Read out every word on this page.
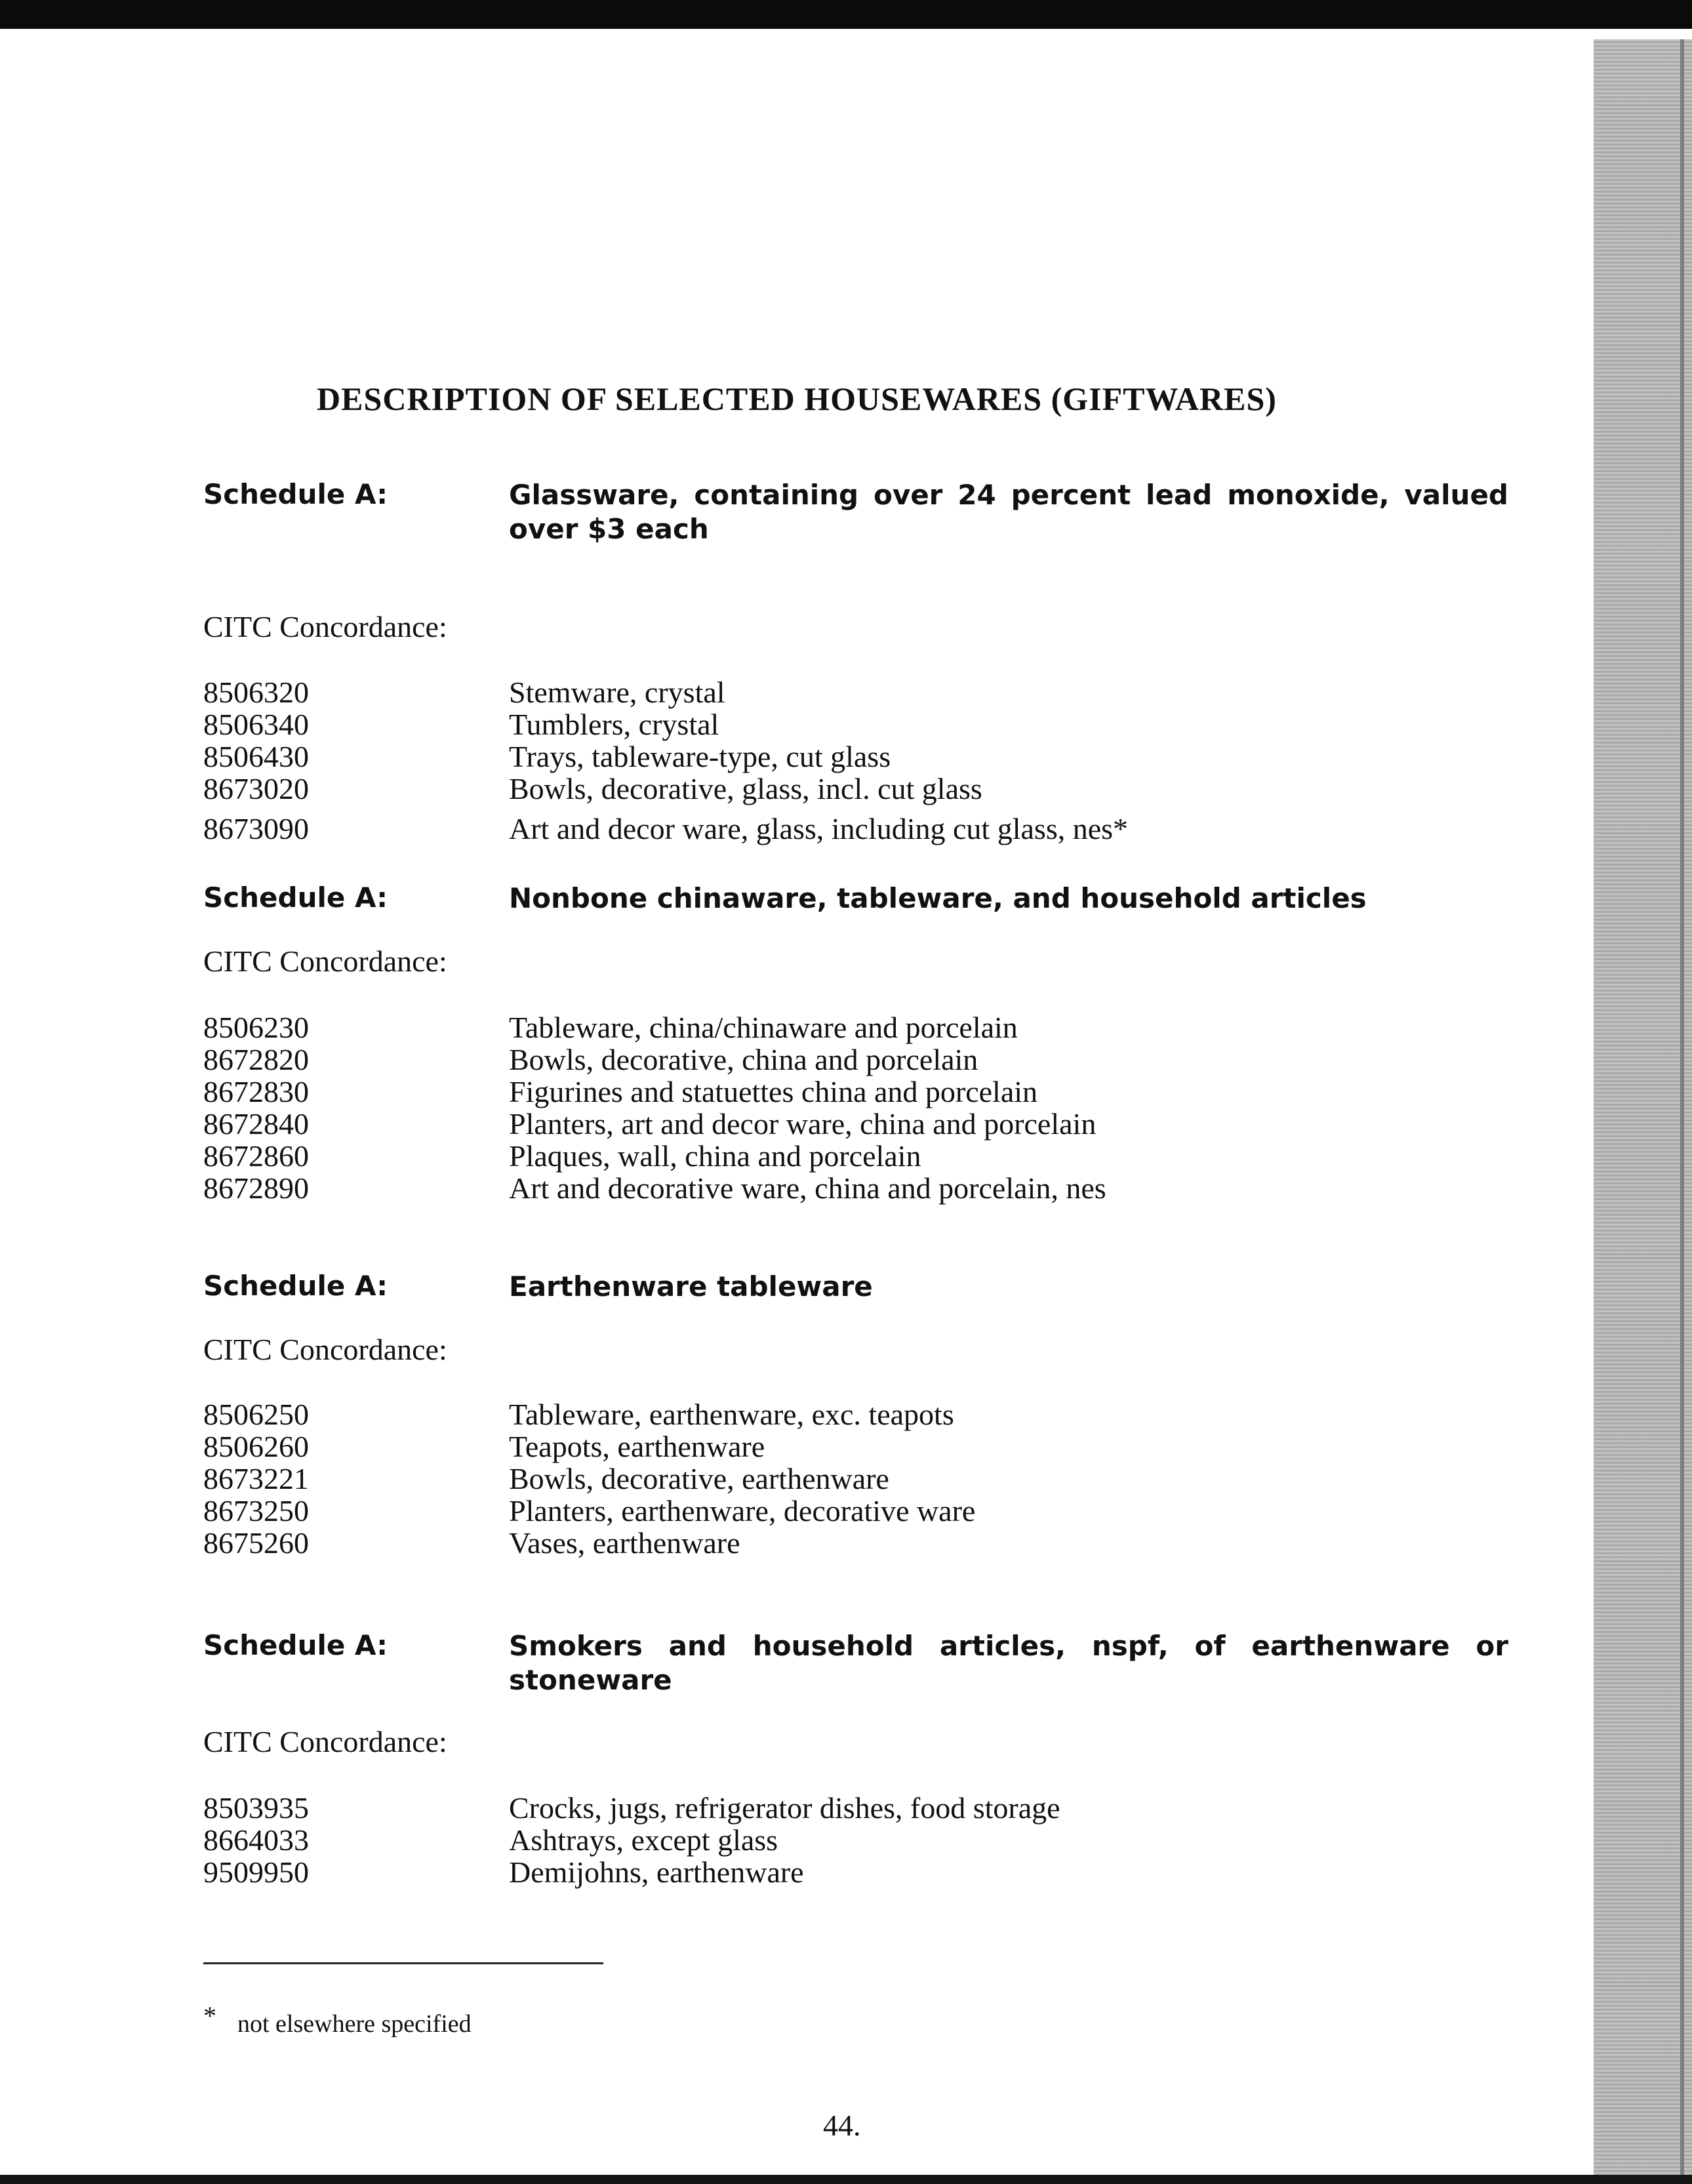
DESCRIPTION OF SELECTED HOUSEWARES (GIFTWARES)
Schedule A:	Glassware, containing over 24 percent lead monoxide, valued over $3 each
CITC Concordance:
8506320	Stemware, crystal
8506340	Tumblers, crystal
8506430	Trays, tableware-type, cut glass
8673020	Bowls, decorative, glass, incl. cut glass
8673090	Art and decor ware, glass, including cut glass, nes*
Schedule A:	Nonbone chinaware, tableware, and household articles
CITC Concordance:
8506230	Tableware, china/chinaware and porcelain
8672820	Bowls, decorative, china and porcelain
8672830	Figurines and statuettes china and porcelain
8672840	Planters, art and decor ware, china and porcelain
8672860	Plaques, wall, china and porcelain
8672890	Art and decorative ware, china and porcelain, nes
Schedule A:	Earthenware tableware
CITC Concordance:
8506250	Tableware, earthenware, exc. teapots
8506260	Teapots, earthenware
8673221	Bowls, decorative, earthenware
8673250	Planters, earthenware, decorative ware
8675260	Vases, earthenware
Schedule A:	Smokers and household articles, nspf, of earthenware or stoneware
CITC Concordance:
8503935	Crocks, jugs, refrigerator dishes, food storage
8664033	Ashtrays, except glass
9509950	Demijohns, earthenware
* not elsewhere specified
44.
